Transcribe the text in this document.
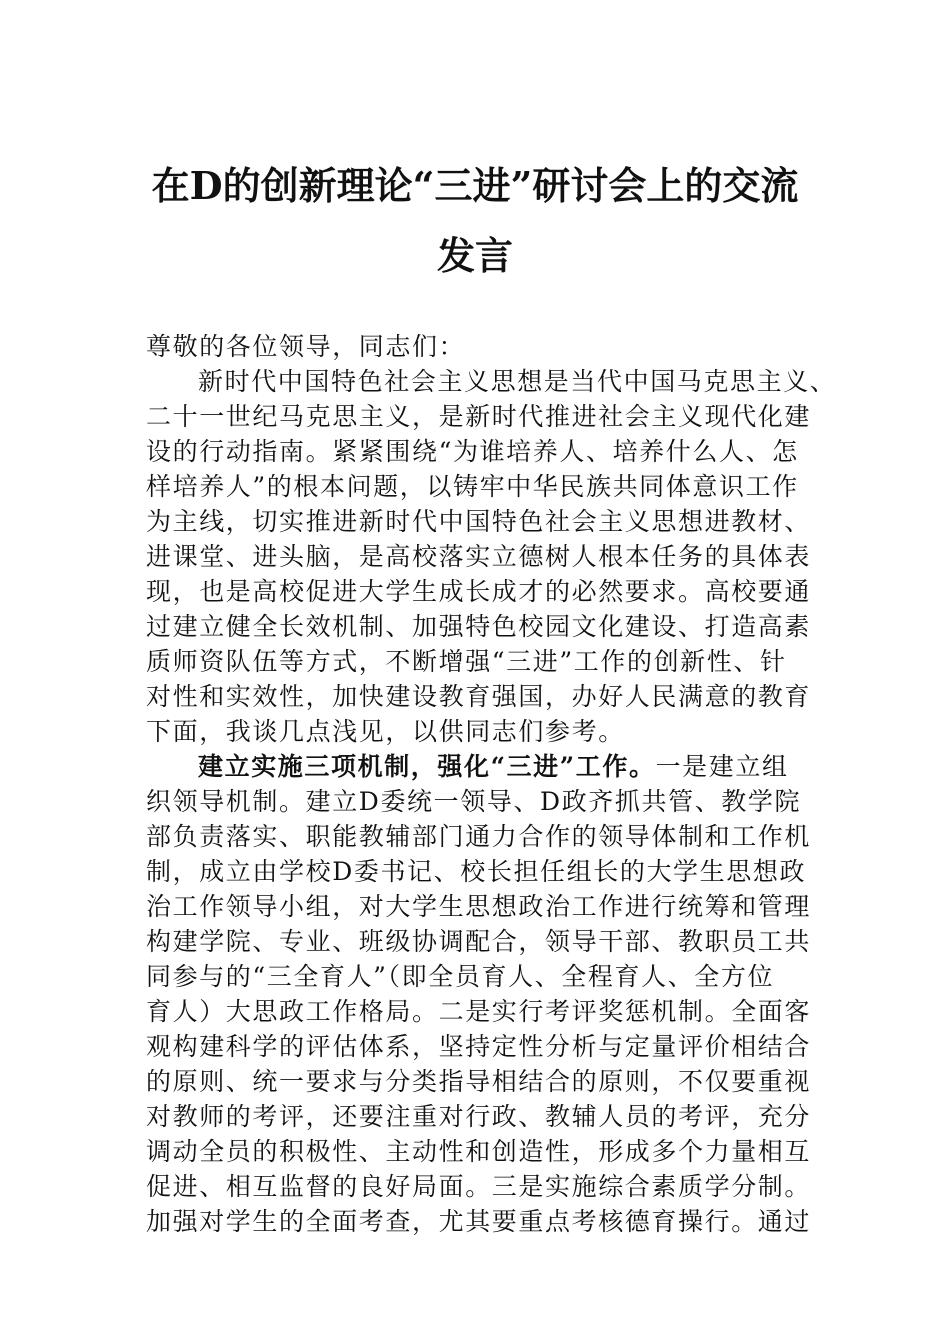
在D的创新理论“三进”研讨会上的交流
发言
尊敬的各位领导，同志们：
新时代中国特色社会主义思想是当代中国马克思主义、
二十一世纪马克思主义，是新时代推进社会主义现代化建
设的行动指南。紧紧围绕“为谁培养人、培养什么人、怎
样培养人”的根本问题，以铸牢中华民族共同体意识工作
为主线，切实推进新时代中国特色社会主义思想进教材、
进课堂、进头脑，是高校落实立德树人根本任务的具体表
现，也是高校促进大学生成长成才的必然要求。高校要通
过建立健全长效机制、加强特色校园文化建设、打造高素
质师资队伍等方式，不断增强“三进”工作的创新性、针
对性和实效性，加快建设教育强国，办好人民满意的教育
下面，我谈几点浅见，以供同志们参考。
建立实施三项机制，强化“三进”工作。一是建立组
织领导机制。建立D委统一领导、D政齐抓共管、教学院
部负责落实、职能教辅部门通力合作的领导体制和工作机
制，成立由学校D委书记、校长担任组长的大学生思想政
治工作领导小组，对大学生思想政治工作进行统筹和管理
构建学院、专业、班级协调配合，领导干部、教职员工共
同参与的“三全育人”（即全员育人、全程育人、全方位
育人）大思政工作格局。二是实行考评奖惩机制。全面客
观构建科学的评估体系，坚持定性分析与定量评价相结合
的原则、统一要求与分类指导相结合的原则，不仅要重视
对教师的考评，还要注重对行政、教辅人员的考评，充分
调动全员的积极性、主动性和创造性，形成多个力量相互
促进、相互监督的良好局面。三是实施综合素质学分制。
加强对学生的全面考查，尤其要重点考核德育操行。通过
